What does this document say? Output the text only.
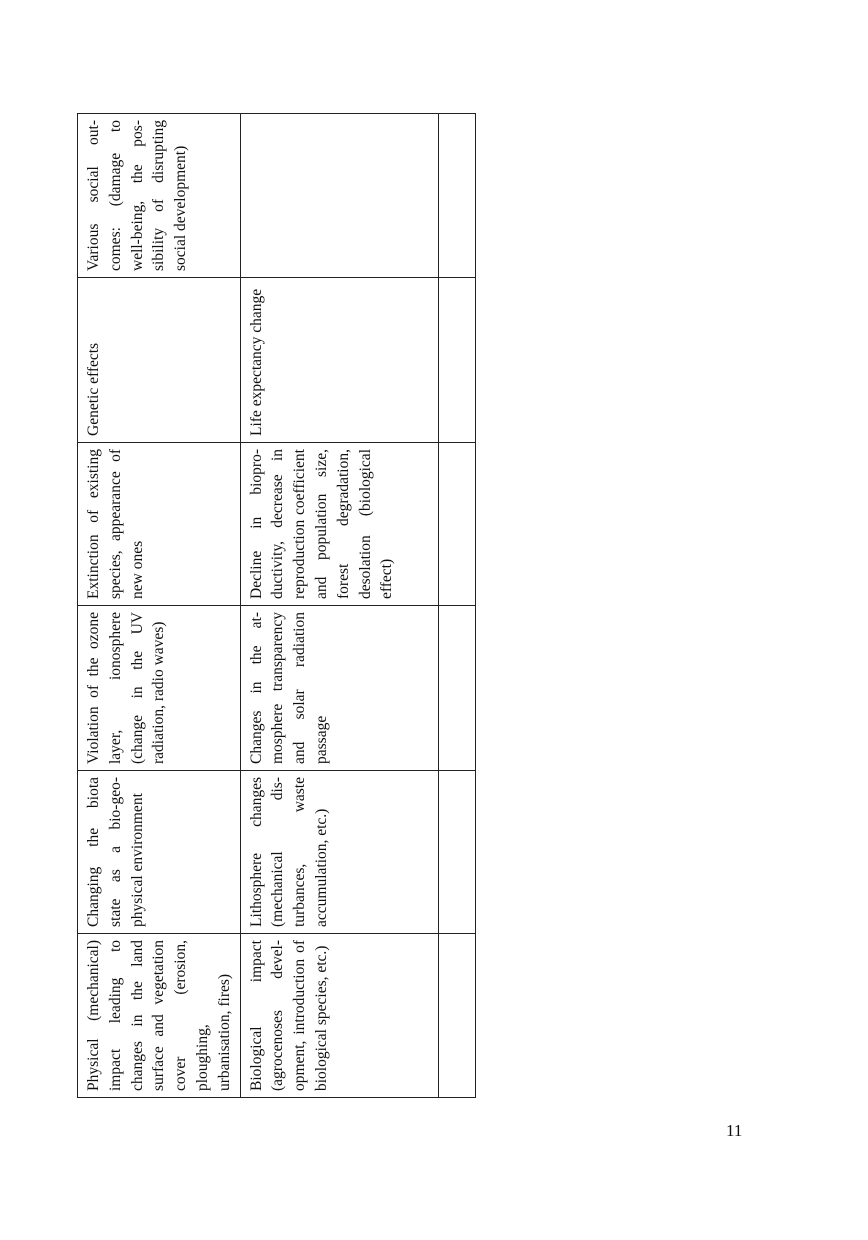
Physical (mechanical) impact leading to changes in the land surface and vegetation cover (erosion, ploughing, urbanisation, fires)	Changing the biota state as a bio-geophysical environment	Violation of the ozone layer, ionosphere (change in the UV radiation, radio waves)	Extinction of existing species, appearance of new ones	Genetic effects	Various social outcomes: (damage to well-being, the possibility of disrupting social development)
Biological impact (agrocenoses development, introduction of biological species, etc.)	Lithosphere changes (mechanical disturbances, waste accumulation, etc.)	Changes in the atmosphere transparency and solar radiation passage	Decline in bioproductivity, decrease in reproduction coefficient and population size, forest degradation, desolation (biological effect)	Life expectancy change	

11
